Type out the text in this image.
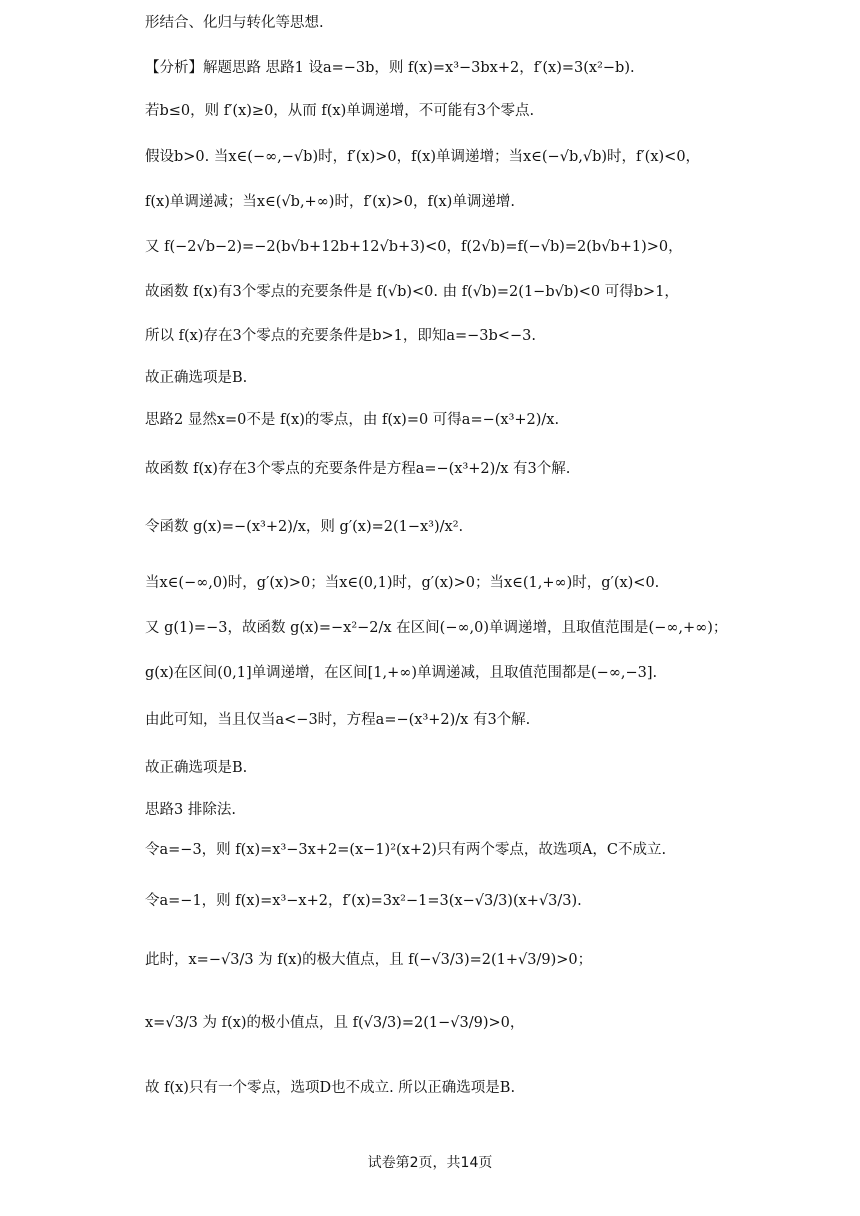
形结合、化归与转化等思想.
【分析】解题思路 思路1 设a=−3b，则 f(x)=x³−3bx+2，f′(x)=3(x²−b).
若b≤0，则 f′(x)≥0，从而 f(x)单调递增，不可能有3个零点.
假设b>0. 当x∈(−∞,−√b)时，f′(x)>0，f(x)单调递增；当x∈(−√b,√b)时，f′(x)<0，
f(x)单调递减；当x∈(√b,+∞)时，f′(x)>0，f(x)单调递增.
又 f(−2√b−2)=−2(b√b+12b+12√b+3)<0，f(2√b)=f(−√b)=2(b√b+1)>0，
故函数 f(x)有3个零点的充要条件是 f(√b)<0. 由 f(√b)=2(1−b√b)<0 可得b>1，
所以 f(x)存在3个零点的充要条件是b>1，即知a=−3b<−3.
故正确选项是B.
思路2 显然x=0不是 f(x)的零点，由 f(x)=0 可得a=−(x³+2)/x.
故函数 f(x)存在3个零点的充要条件是方程a=−(x³+2)/x 有3个解.
令函数 g(x)=−(x³+2)/x，则 g′(x)=2(1−x³)/x².
当x∈(−∞,0)时，g′(x)>0；当x∈(0,1)时，g′(x)>0；当x∈(1,+∞)时，g′(x)<0.
又 g(1)=−3，故函数 g(x)=−x²−2/x 在区间(−∞,0)单调递增，且取值范围是(−∞,+∞)；
g(x)在区间(0,1]单调递增，在区间[1,+∞)单调递减，且取值范围都是(−∞,−3].
由此可知，当且仅当a<−3时，方程a=−(x³+2)/x 有3个解.
故正确选项是B.
思路3 排除法.
令a=−3，则 f(x)=x³−3x+2=(x−1)²(x+2)只有两个零点，故选项A，C不成立.
令a=−1，则 f(x)=x³−x+2，f′(x)=3x²−1=3(x−√3/3)(x+√3/3).
此时，x=−√3/3 为 f(x)的极大值点，且 f(−√3/3)=2(1+√3/9)>0；
x=√3/3 为 f(x)的极小值点，且 f(√3/3)=2(1−√3/9)>0，
故 f(x)只有一个零点，选项D也不成立. 所以正确选项是B.
试卷第2页，共14页
